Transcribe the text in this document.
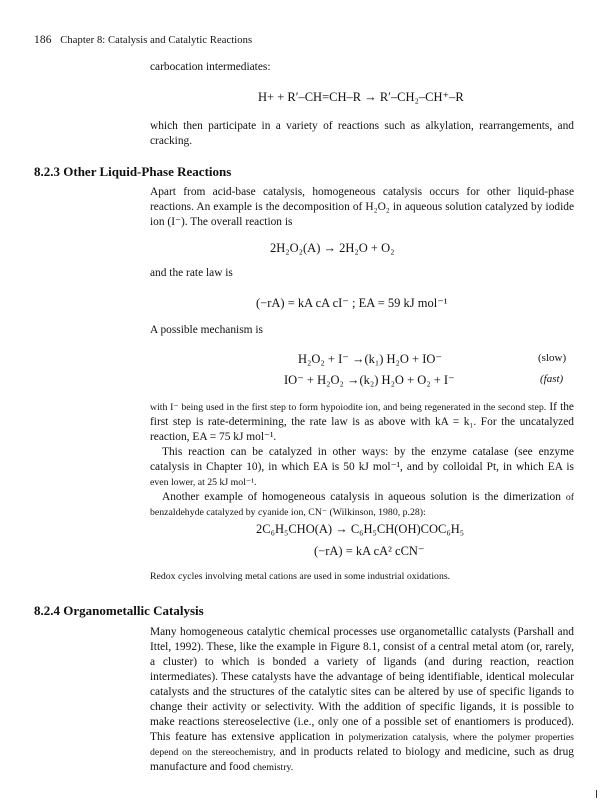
186 Chapter 8: Catalysis and Catalytic Reactions
carbocation intermediates:
H+ + R′–CH=CH–R → R′–CH₂–CH⁺–R

which then participate in a variety of reactions such as alkylation, rearrangements, and cracking.

8.2.3 Other Liquid-Phase Reactions
Apart from acid-base catalysis, homogeneous catalysis occurs for other liquid-phase reactions. An example is the decomposition of H₂O₂ in aqueous solution catalyzed by iodide ion (I⁻). The overall reaction is
2H₂O₂(A) → 2H₂O + O₂
and the rate law is
(−rA) = kA cA cI⁻ ; EA = 59 kJ mol⁻¹
A possible mechanism is
H₂O₂ + I⁻ →(k₁) H₂O + IO⁻	(slow)
IO⁻ + H₂O₂ →(k₂) H₂O + O₂ + I⁻	(fast)

with I⁻ being used in the first step to form hypoiodite ion, and being regenerated in the second step. If the first step is rate-determining, the rate law is as above with kA = k₁. For the uncatalyzed reaction, EA = 75 kJ mol⁻¹.

This reaction can be catalyzed in other ways: by the enzyme catalase (see enzyme catalysis in Chapter 10), in which EA is 50 kJ mol⁻¹, and by colloidal Pt, in which EA is even lower, at 25 kJ mol⁻¹.

Another example of homogeneous catalysis in aqueous solution is the dimerization of benzaldehyde catalyzed by cyanide ion, CN⁻ (Wilkinson, 1980, p.28):

2C₆H₅CHO(A) → C₆H₅CH(OH)COC₆H₅
(−rA) = kA cA² cCN⁻
Redox cycles involving metal cations are used in some industrial oxidations.
8.2.4 Organometallic Catalysis

Many homogeneous catalytic chemical processes use organometallic catalysts (Parshall and Ittel, 1992). These, like the example in Figure 8.1, consist of a central metal atom (or, rarely, a cluster) to which is bonded a variety of ligands (and during reaction, reaction intermediates). These catalysts have the advantage of being identifiable, identical molecular catalysts and the structures of the catalytic sites can be altered by use of specific ligands to change their activity or selectivity. With the addition of specific ligands, it is possible to make reactions stereoselective (i.e., only one of a possible set of enantiomers is produced). This feature has extensive application in polymerization catalysis, where the polymer properties depend on the stereochemistry, and in products related to biology and medicine, such as drug manufacture and food chemistry.
